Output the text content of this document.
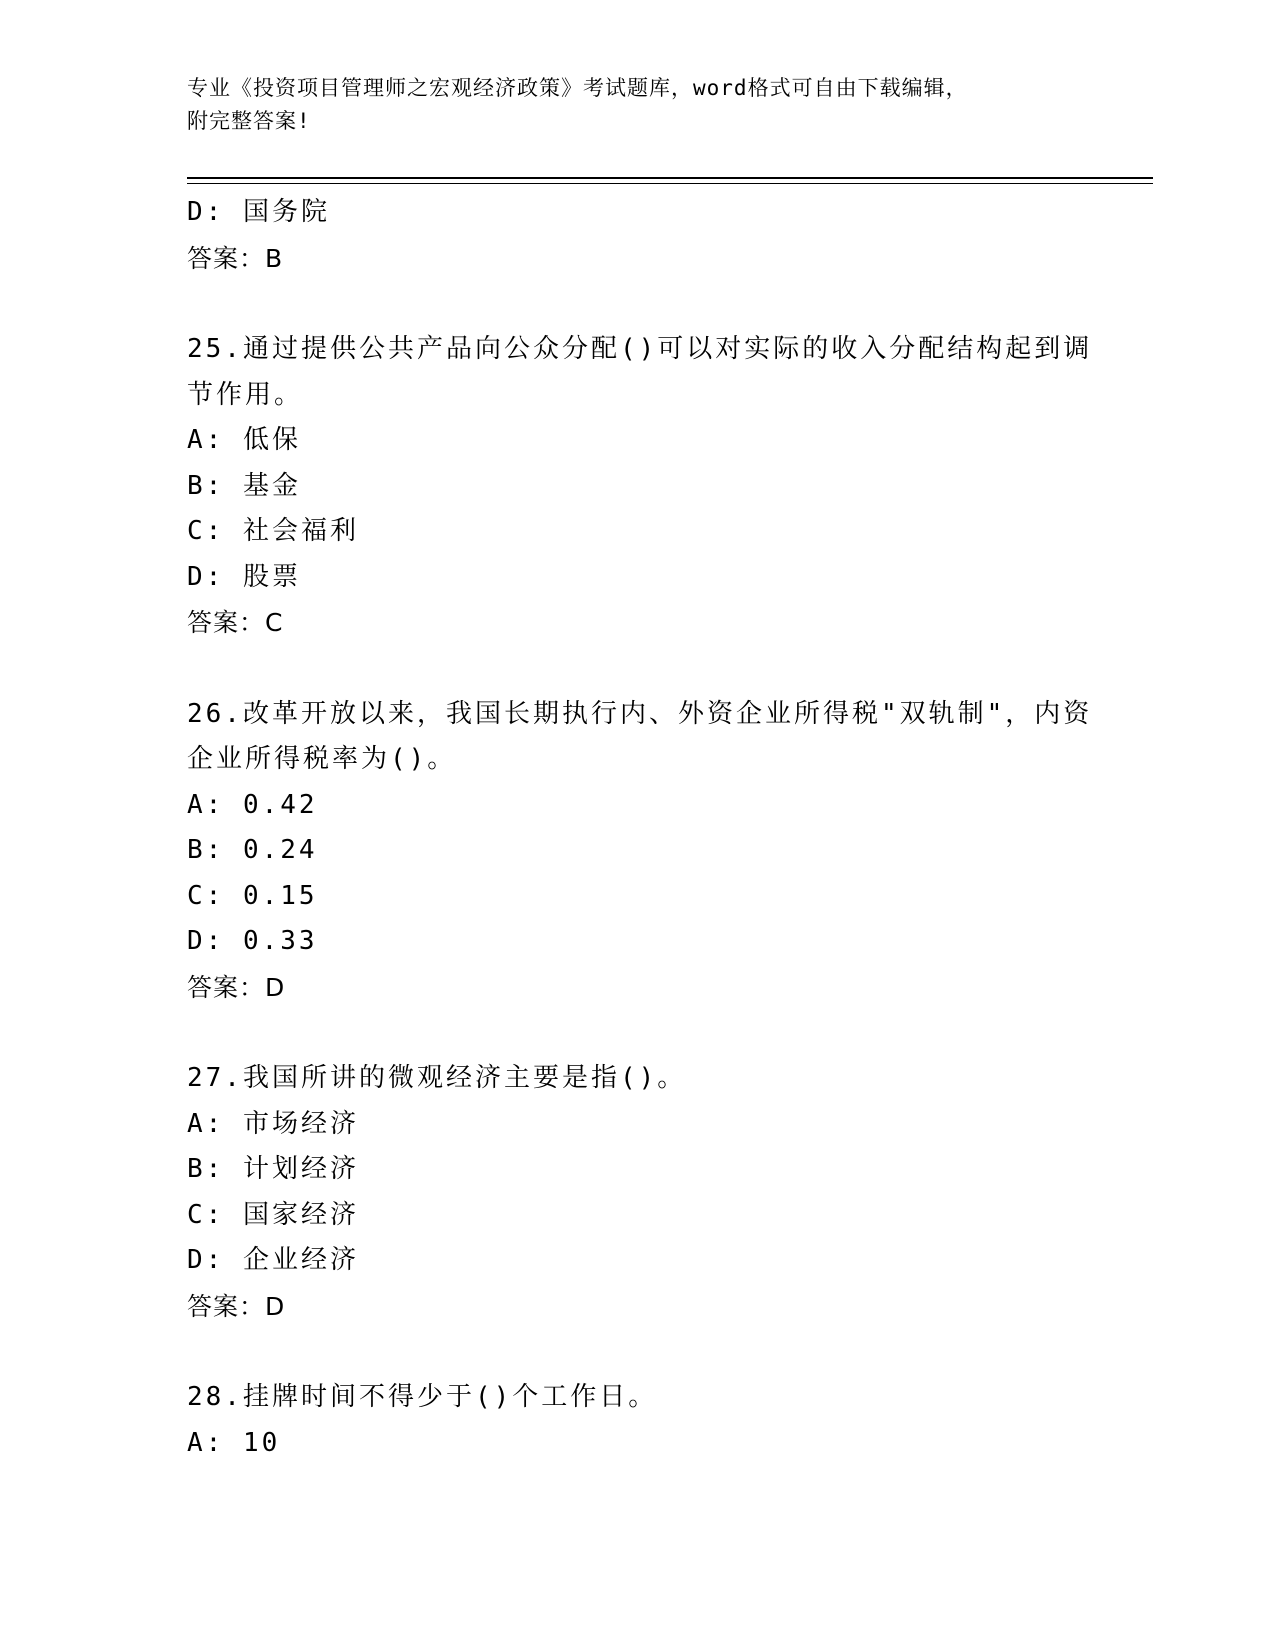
专业《投资项目管理师之宏观经济政策》考试题库，word格式可自由下载编辑，
附完整答案!
D: 国务院
答案：B
25.通过提供公共产品向公众分配()可以对实际的收入分配结构起到调
节作用。
A: 低保
B: 基金
C: 社会福利
D: 股票
答案：C
26.改革开放以来，我国长期执行内、外资企业所得税"双轨制"，内资
企业所得税率为()。
A: 0.42
B: 0.24
C: 0.15
D: 0.33
答案：D
27.我国所讲的微观经济主要是指()。
A: 市场经济
B: 计划经济
C: 国家经济
D: 企业经济
答案：D
28.挂牌时间不得少于()个工作日。
A: 10
